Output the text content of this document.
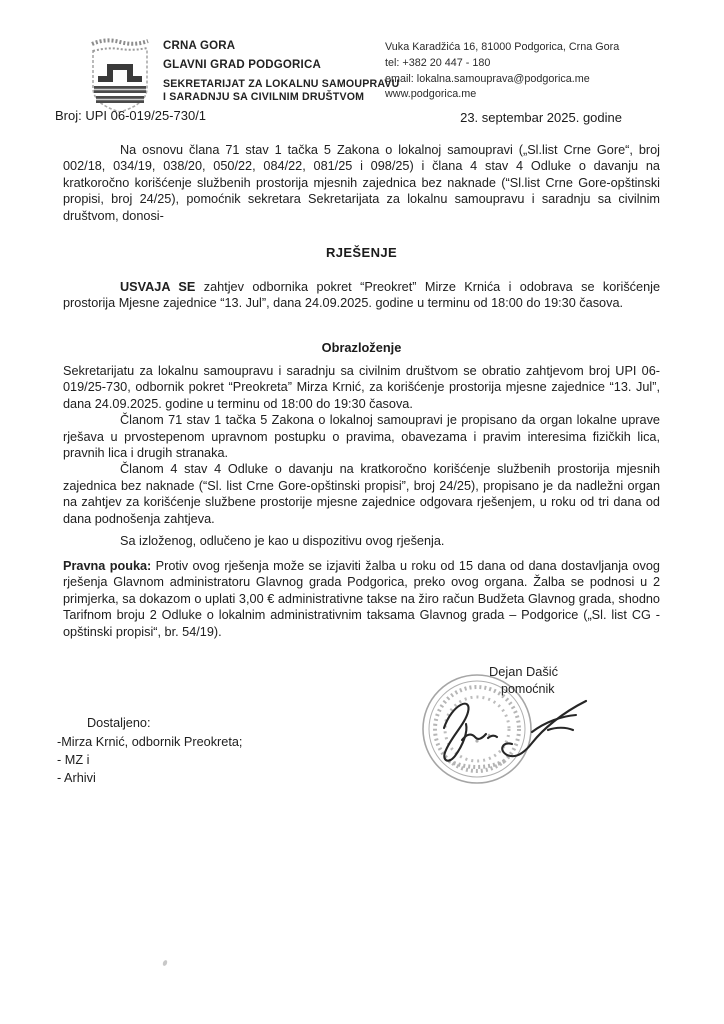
CRNA GORA
GLAVNI GRAD PODGORICA
SEKRETARIJAT ZA LOKALNU SAMOUPRAVU
I SARADNJU SA CIVILNIM DRUŠTVOM
Vuka Karadžića 16, 81000 Podgorica, Crna Gora
tel: +382 20 447 - 180
email: lokalna.samouprava@podgorica.me
www.podgorica.me
Broj: UPI 06-019/25-730/1	23. septembar 2025. godine

Na osnovu člana 71 stav 1 tačka 5 Zakona o lokalnoj samoupravi („Sl.list Crne Gore“, broj 002/18, 034/19, 038/20, 050/22, 084/22, 081/25 i 098/25) i člana 4 stav 4 Odluke o davanju na kratkoročno korišćenje službenih prostorija mjesnih zajednica bez naknade (“Sl.list Crne Gore-opštinski propisi, broj 24/25), pomoćnik sekretara Sekretarijata za lokalnu samoupravu i saradnju sa civilnim društvom, donosi-

RJEŠENJE

USVAJA SE zahtjev odbornika pokret “Preokret” Mirze Krnića i odobrava se korišćenje prostorija Mjesne zajednice “13. Jul”, dana 24.09.2025. godine u terminu od 18:00 do 19:30 časova.

Obrazloženje

Sekretarijatu za lokalnu samoupravu i saradnju sa civilnim društvom se obratio zahtjevom broj UPI 06-019/25-730, odbornik pokret “Preokreta” Mirza Krnić, za korišćenje prostorija mjesne zajednice “13. Jul”, dana 24.09.2025. godine u terminu od 18:00 do 19:30 časova.

Članom 71 stav 1 tačka 5 Zakona o lokalnoj samoupravi je propisano da organ lokalne uprave rješava u prvostepenom upravnom postupku o pravima, obavezama i pravim interesima fizičkih lica, pravnih lica i drugih stranaka.

Članom 4 stav 4 Odluke o davanju na kratkoročno korišćenje službenih prostorija mjesnih zajednica bez naknade (“Sl. list Crne Gore-opštinski propisi”, broj 24/25), propisano je da nadležni organ na zahtjev za korišćenje službene prostorije mjesne zajednice odgovara rješenjem, u roku od tri dana od dana podnošenja zahtjeva.

Sa izloženog, odlučeno je kao u dispozitivu ovog rješenja.

Pravna pouka: Protiv ovog rješenja može se izjaviti žalba u roku od 15 dana od dana dostavljanja ovog rješenja Glavnom administratoru Glavnog grada Podgorica, preko ovog organa. Žalba se podnosi u 2 primjerka, sa dokazom o uplati 3,00 € administrativne takse na žiro račun Budžeta Glavnog grada, shodno Tarifnom broju 2 Odluke o lokalnim administrativnim taksama Glavnog grada – Podgorice („Sl. list CG - opštinski propisi“, br. 54/19).

Dejan Dašić
pomoćnik
Dostaljeno:
-Mirza Krnić, odbornik Preokreta;
- MZ i
- Arhivi
